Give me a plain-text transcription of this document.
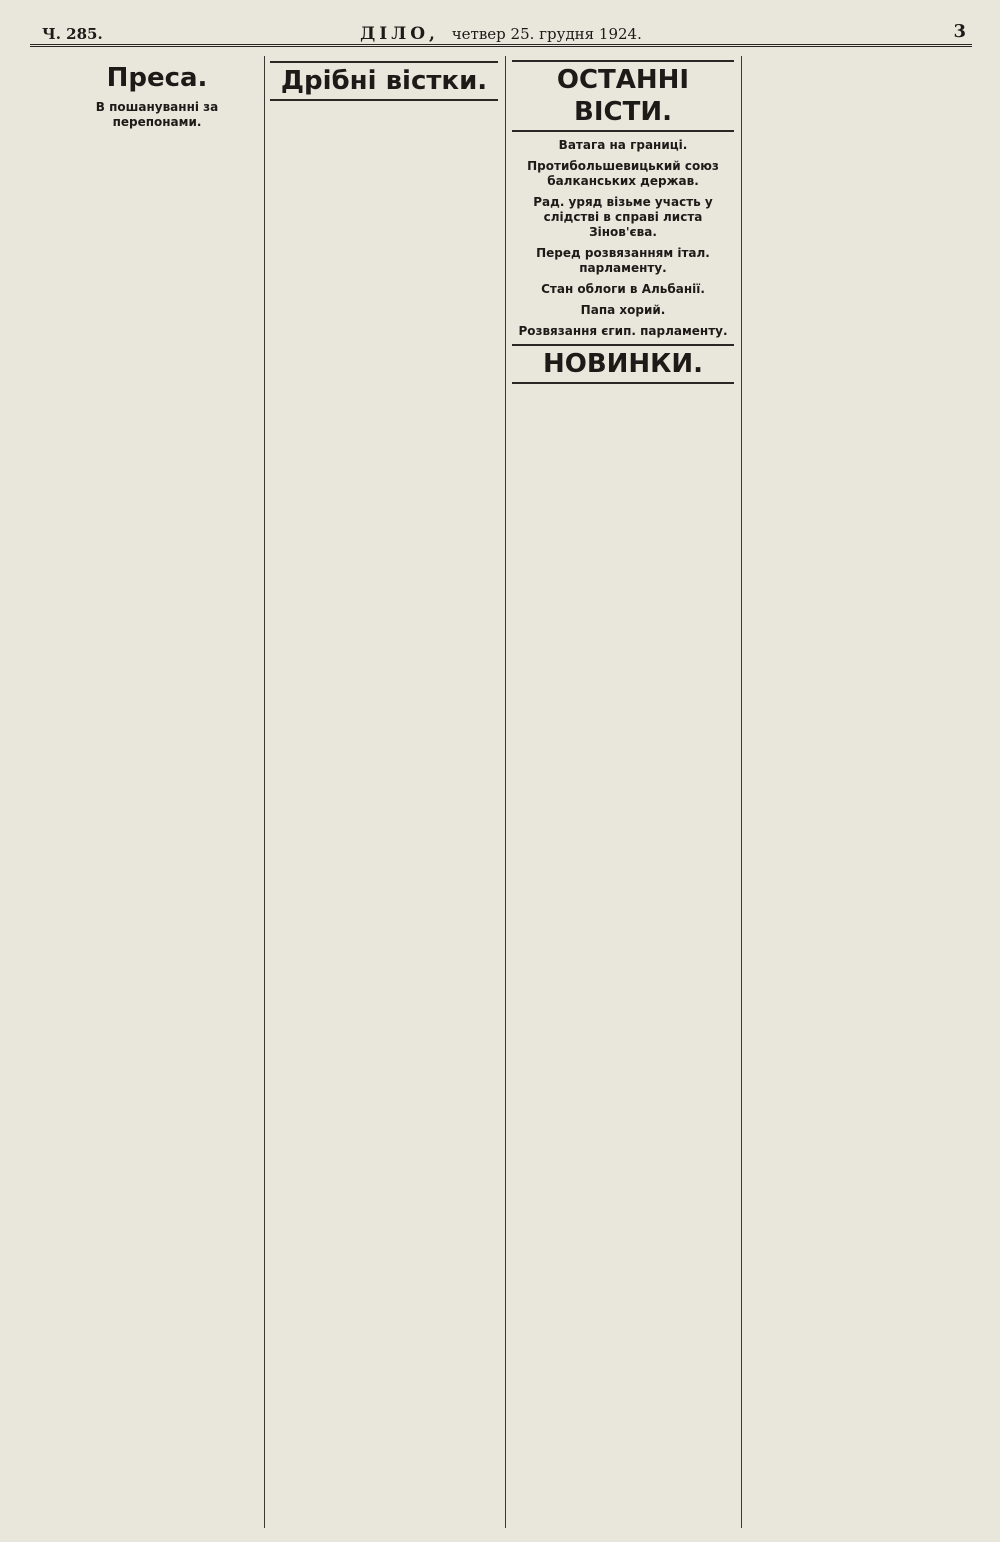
Ч. 285.	ДІЛО, четвер 25. грудня 1924.	3

Преса.
В пошануванні за перепонами.

Дрібні вістки.	ОСТАННІ ВІСТИ.
Ватага на границі.

Протибольшевицький союз балканських держав.

Рад. уряд візьме участь у слідстві в справі листа Зінов'єва.

Перед розвязанням італ. парламенту.

Стан облоги в Альбанії.

Папа хорий.

Розвязання єгип. парламенту.

НОВИНКИ.
